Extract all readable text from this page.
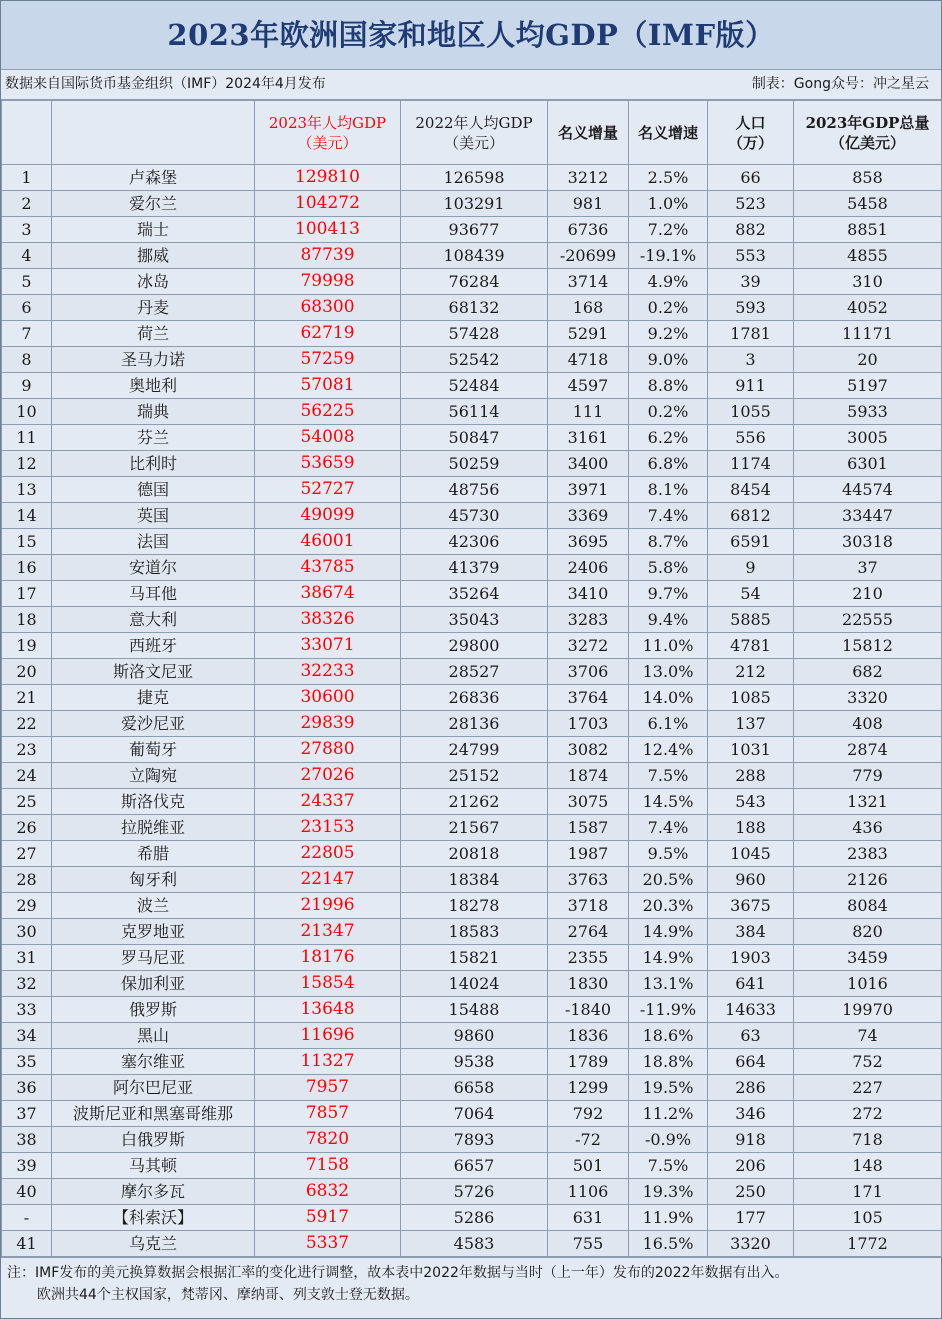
2023年欧洲国家和地区人均GDP（IMF版）
数据来自国际货币基金组织（IMF）2024年4月发布	制表：Gong众号：冲之星云

		2023年人均GDP
（美元）	2022年人均GDP
（美元）	名义增量	名义增速	人口
（万）	2023年GDP总量
（亿美元）

1	卢森堡	129810	126598	3212	2.5%	66	858
2	爱尔兰	104272	103291	981	1.0%	523	5458
3	瑞士	100413	93677	6736	7.2%	882	8851
4	挪威	87739	108439	-20699	-19.1%	553	4855
5	冰岛	79998	76284	3714	4.9%	39	310
6	丹麦	68300	68132	168	0.2%	593	4052
7	荷兰	62719	57428	5291	9.2%	1781	11171
8	圣马力诺	57259	52542	4718	9.0%	3	20
9	奥地利	57081	52484	4597	8.8%	911	5197
10	瑞典	56225	56114	111	0.2%	1055	5933
11	芬兰	54008	50847	3161	6.2%	556	3005
12	比利时	53659	50259	3400	6.8%	1174	6301
13	德国	52727	48756	3971	8.1%	8454	44574
14	英国	49099	45730	3369	7.4%	6812	33447
15	法国	46001	42306	3695	8.7%	6591	30318
16	安道尔	43785	41379	2406	5.8%	9	37
17	马耳他	38674	35264	3410	9.7%	54	210
18	意大利	38326	35043	3283	9.4%	5885	22555
19	西班牙	33071	29800	3272	11.0%	4781	15812
20	斯洛文尼亚	32233	28527	3706	13.0%	212	682
21	捷克	30600	26836	3764	14.0%	1085	3320
22	爱沙尼亚	29839	28136	1703	6.1%	137	408
23	葡萄牙	27880	24799	3082	12.4%	1031	2874
24	立陶宛	27026	25152	1874	7.5%	288	779
25	斯洛伐克	24337	21262	3075	14.5%	543	1321
26	拉脱维亚	23153	21567	1587	7.4%	188	436
27	希腊	22805	20818	1987	9.5%	1045	2383
28	匈牙利	22147	18384	3763	20.5%	960	2126
29	波兰	21996	18278	3718	20.3%	3675	8084
30	克罗地亚	21347	18583	2764	14.9%	384	820
31	罗马尼亚	18176	15821	2355	14.9%	1903	3459
32	保加利亚	15854	14024	1830	13.1%	641	1016
33	俄罗斯	13648	15488	-1840	-11.9%	14633	19970
34	黑山	11696	9860	1836	18.6%	63	74
35	塞尔维亚	11327	9538	1789	18.8%	664	752
36	阿尔巴尼亚	7957	6658	1299	19.5%	286	227
37	波斯尼亚和黑塞哥维那	7857	7064	792	11.2%	346	272
38	白俄罗斯	7820	7893	-72	-0.9%	918	718
39	马其顿	7158	6657	501	7.5%	206	148
40	摩尔多瓦	6832	5726	1106	19.3%	250	171
-	【科索沃】	5917	5286	631	11.9%	177	105
41	乌克兰	5337	4583	755	16.5%	3320	1772
注：IMF发布的美元换算数据会根据汇率的变化进行调整，故本表中2022年数据与当时（上一年）发布的2022年数据有出入。
欧洲共44个主权国家，梵蒂冈、摩纳哥、列支敦士登无数据。
